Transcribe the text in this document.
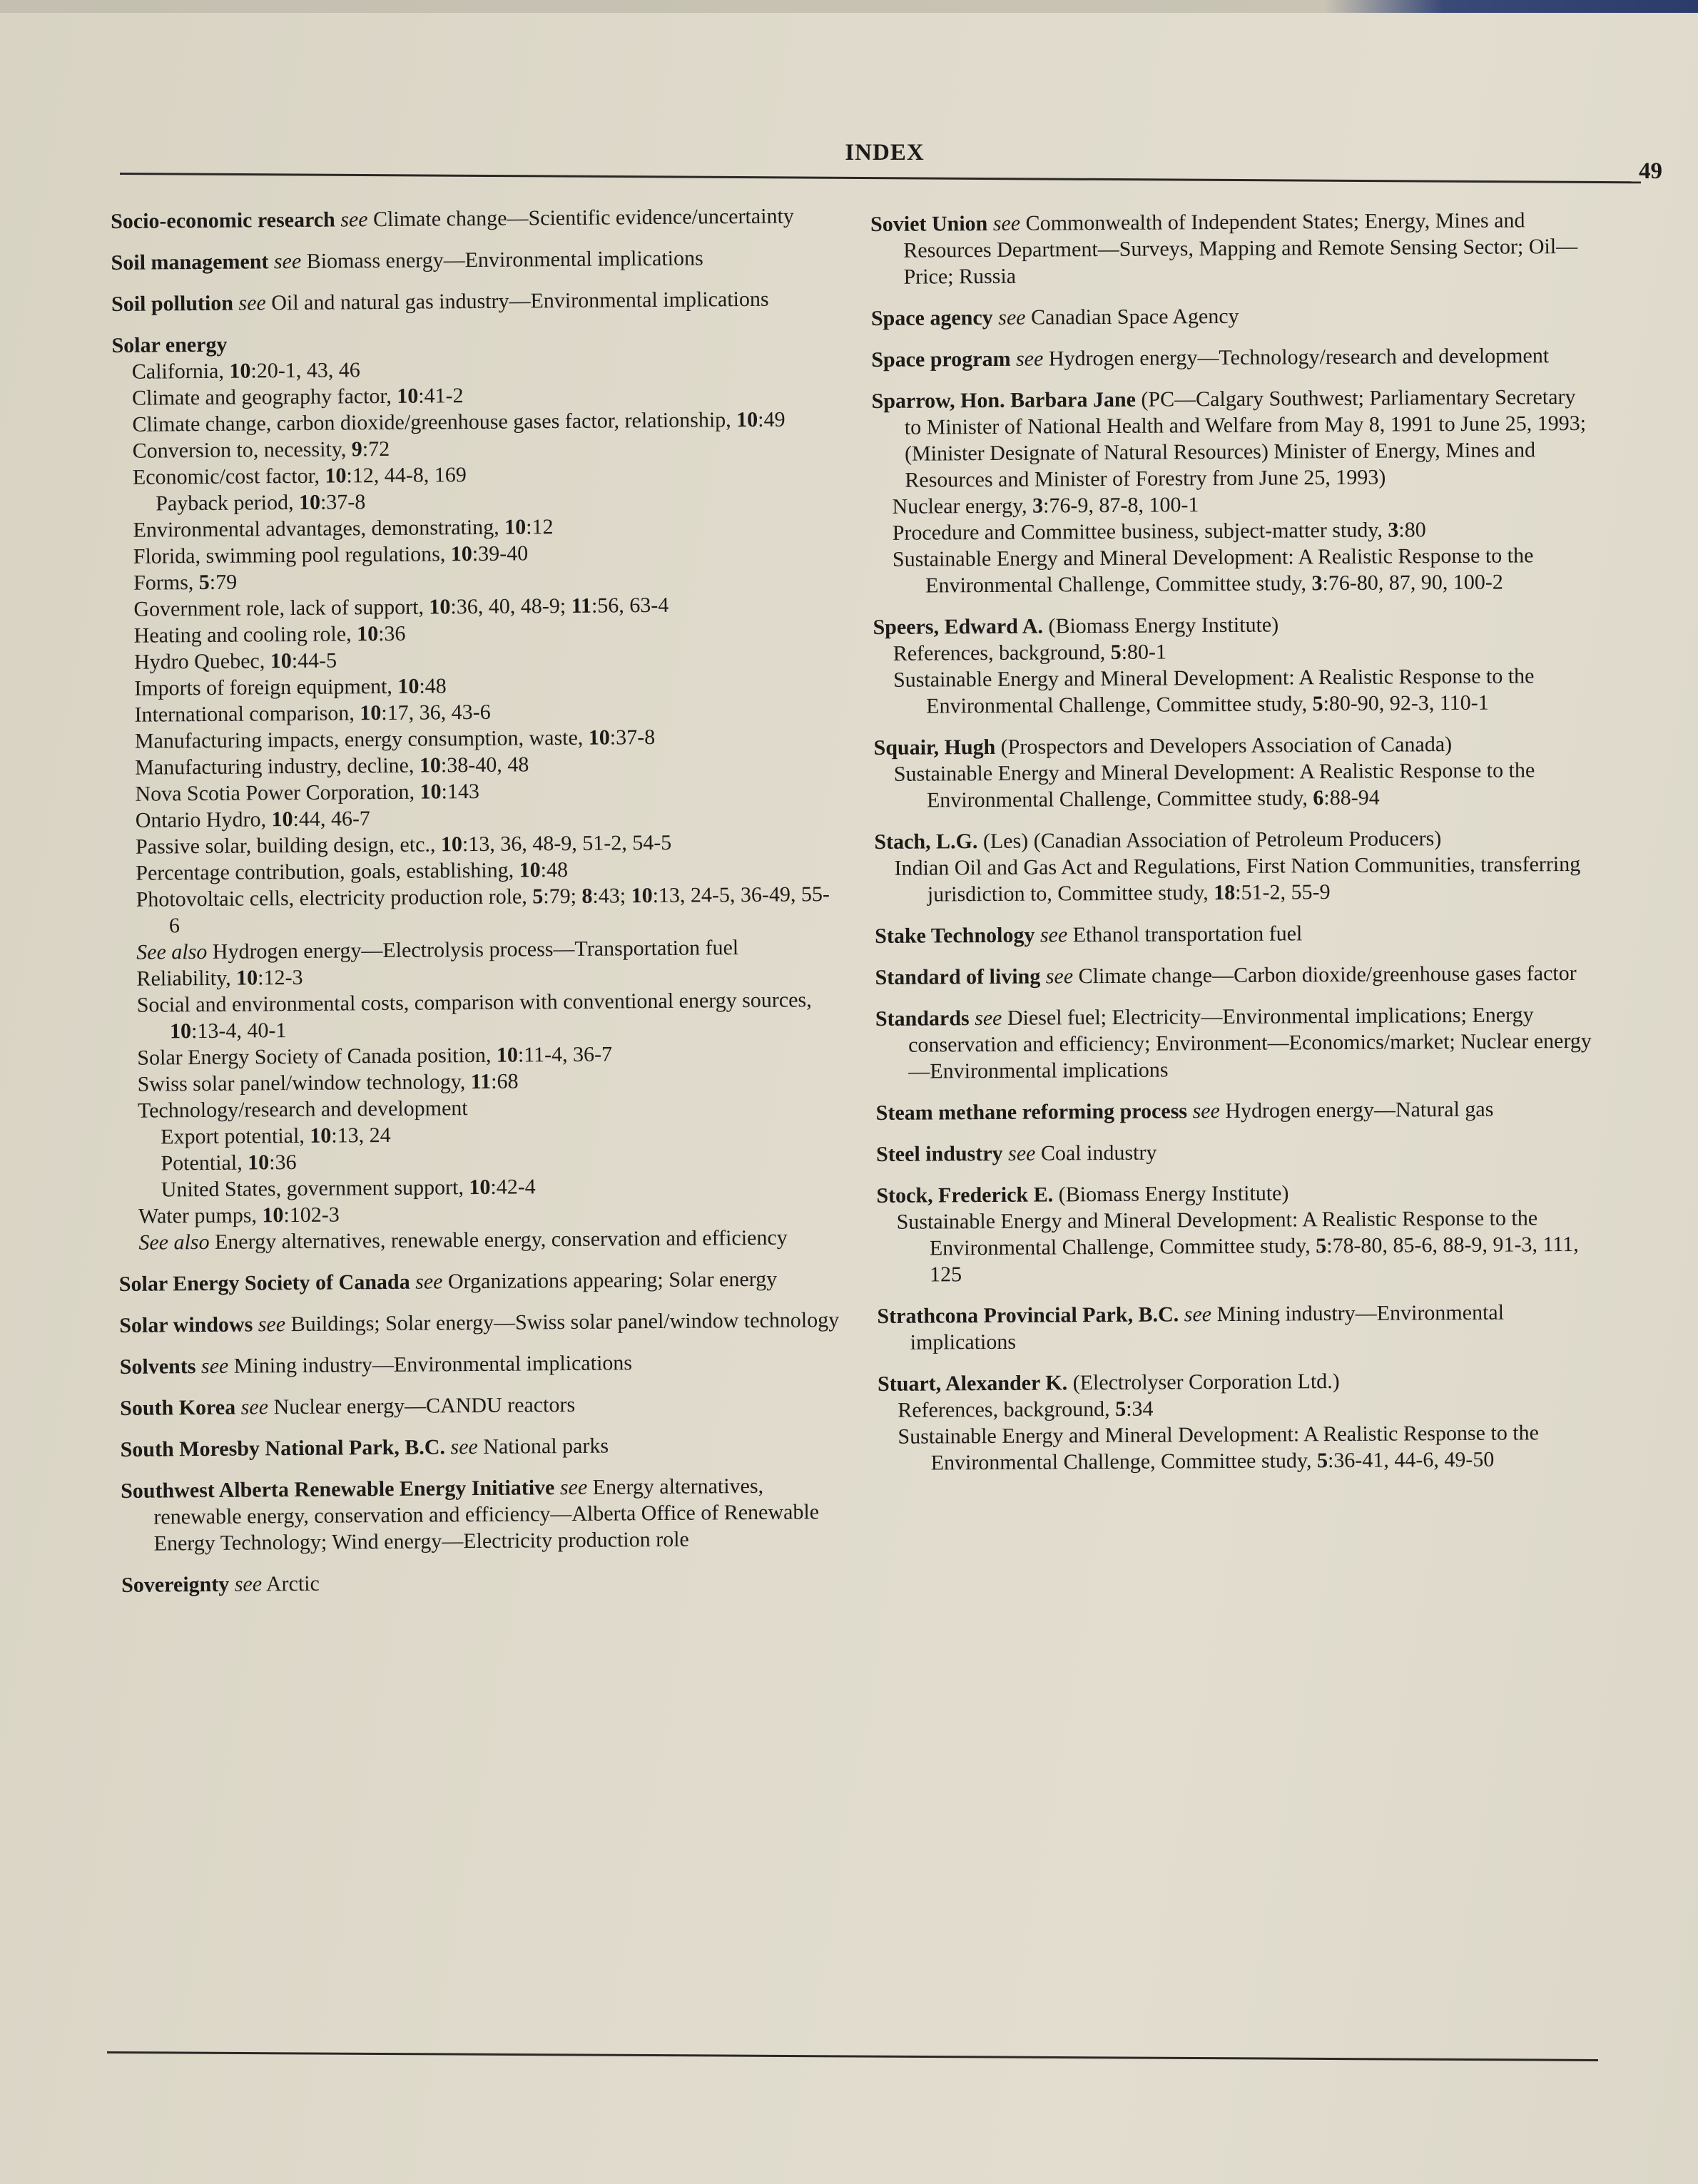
INDEX
49
Socio-economic research see Climate change—Scientific evidence/uncertainty
Soil management see Biomass energy—Environmental implications
Soil pollution see Oil and natural gas industry—Environmental implications
Solar energy
California, 10:20-1, 43, 46
Climate and geography factor, 10:41-2
Climate change, carbon dioxide/greenhouse gases factor, relationship, 10:49
Conversion to, necessity, 9:72
Economic/cost factor, 10:12, 44-8, 169
Payback period, 10:37-8
Environmental advantages, demonstrating, 10:12
Florida, swimming pool regulations, 10:39-40
Forms, 5:79
Government role, lack of support, 10:36, 40, 48-9; 11:56, 63-4
Heating and cooling role, 10:36
Hydro Quebec, 10:44-5
Imports of foreign equipment, 10:48
International comparison, 10:17, 36, 43-6
Manufacturing impacts, energy consumption, waste, 10:37-8
Manufacturing industry, decline, 10:38-40, 48
Nova Scotia Power Corporation, 10:143
Ontario Hydro, 10:44, 46-7
Passive solar, building design, etc., 10:13, 36, 48-9, 51-2, 54-5
Percentage contribution, goals, establishing, 10:48
Photovoltaic cells, electricity production role, 5:79; 8:43; 10:13, 24-5, 36-49, 55-6
See also Hydrogen energy—Electrolysis process—Transportation fuel
Reliability, 10:12-3
Social and environmental costs, comparison with conventional energy sources, 10:13-4, 40-1
Solar Energy Society of Canada position, 10:11-4, 36-7
Swiss solar panel/window technology, 11:68
Technology/research and development
Export potential, 10:13, 24
Potential, 10:36
United States, government support, 10:42-4
Water pumps, 10:102-3
See also Energy alternatives, renewable energy, conservation and efficiency
Solar Energy Society of Canada see Organizations appearing; Solar energy
Solar windows see Buildings; Solar energy—Swiss solar panel/window technology
Solvents see Mining industry—Environmental implications
South Korea see Nuclear energy—CANDU reactors
South Moresby National Park, B.C. see National parks
Southwest Alberta Renewable Energy Initiative see Energy alternatives, renewable energy, conservation and efficiency—Alberta Office of Renewable Energy Technology; Wind energy—Electricity production role
Sovereignty see Arctic
Soviet Union see Commonwealth of Independent States; Energy, Mines and Resources Department—Surveys, Mapping and Remote Sensing Sector; Oil—Price; Russia
Space agency see Canadian Space Agency
Space program see Hydrogen energy—Technology/research and development
Sparrow, Hon. Barbara Jane (PC—Calgary Southwest; Parliamentary Secretary to Minister of National Health and Welfare from May 8, 1991 to June 25, 1993; (Minister Designate of Natural Resources) Minister of Energy, Mines and Resources and Minister of Forestry from June 25, 1993)
Nuclear energy, 3:76-9, 87-8, 100-1
Procedure and Committee business, subject-matter study, 3:80
Sustainable Energy and Mineral Development: A Realistic Response to the Environmental Challenge, Committee study, 3:76-80, 87, 90, 100-2
Speers, Edward A. (Biomass Energy Institute)
References, background, 5:80-1
Sustainable Energy and Mineral Development: A Realistic Response to the Environmental Challenge, Committee study, 5:80-90, 92-3, 110-1
Squair, Hugh (Prospectors and Developers Association of Canada)
Sustainable Energy and Mineral Development: A Realistic Response to the Environmental Challenge, Committee study, 6:88-94
Stach, L.G. (Les) (Canadian Association of Petroleum Producers)
Indian Oil and Gas Act and Regulations, First Nation Communities, transferring jurisdiction to, Committee study, 18:51-2, 55-9
Stake Technology see Ethanol transportation fuel
Standard of living see Climate change—Carbon dioxide/greenhouse gases factor
Standards see Diesel fuel; Electricity—Environmental implications; Energy conservation and efficiency; Environment—Economics/market; Nuclear energy—Environmental implications
Steam methane reforming process see Hydrogen energy—Natural gas
Steel industry see Coal industry
Stock, Frederick E. (Biomass Energy Institute)
Sustainable Energy and Mineral Development: A Realistic Response to the Environmental Challenge, Committee study, 5:78-80, 85-6, 88-9, 91-3, 111, 125
Strathcona Provincial Park, B.C. see Mining industry—Environmental implications
Stuart, Alexander K. (Electrolyser Corporation Ltd.)
References, background, 5:34
Sustainable Energy and Mineral Development: A Realistic Response to the Environmental Challenge, Committee study, 5:36-41, 44-6, 49-50
